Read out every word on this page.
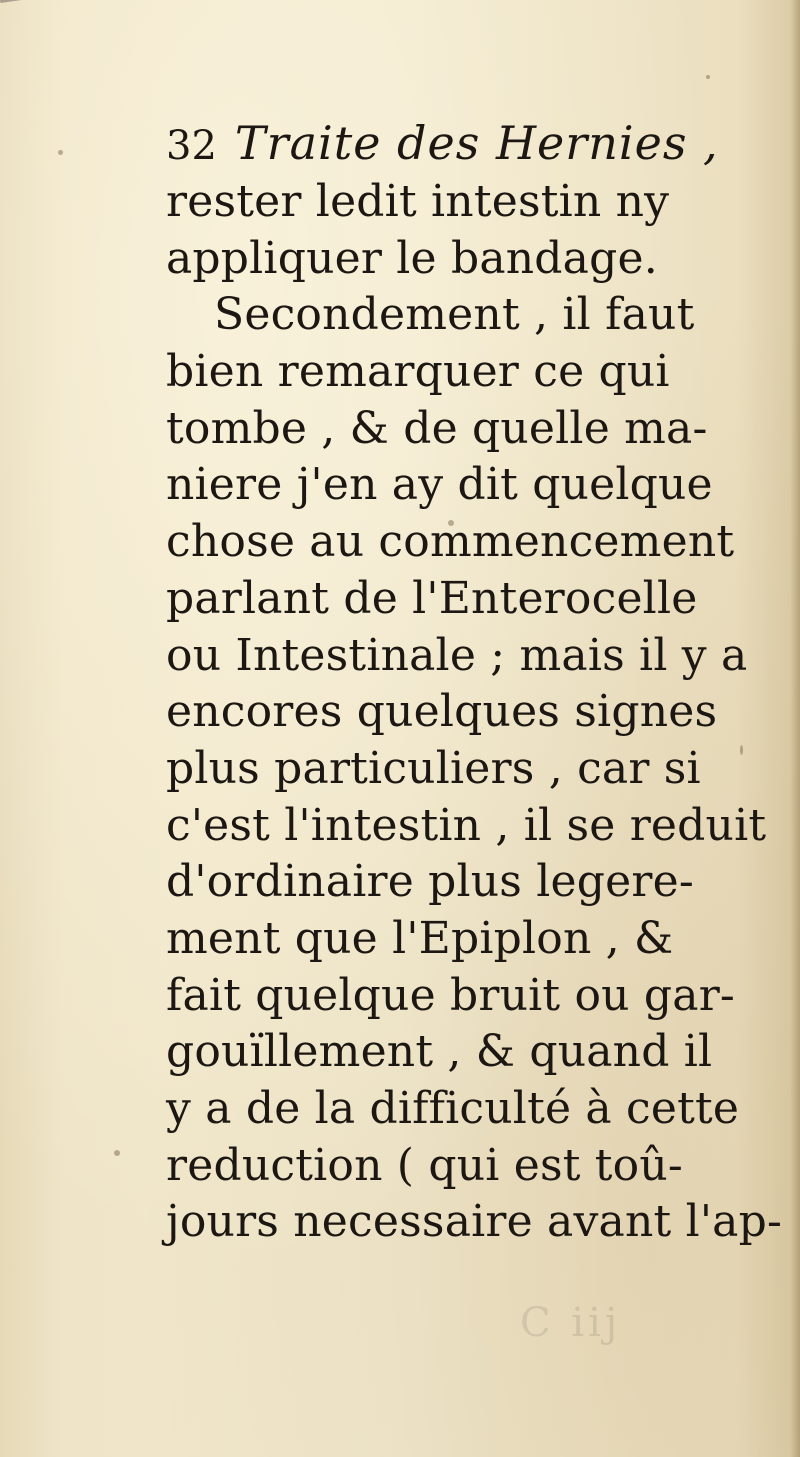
C iij
32 Traite des Hernies ,
rester ledit intestin ny
appliquer le bandage.
Secondement , il faut
bien remarquer ce qui
tombe , & de quelle ma-
niere j'en ay dit quelque
chose au commencement
parlant de l'Enterocelle
ou Intestinale ; mais il y a
encores quelques signes
plus particuliers , car si
c'est l'intestin , il se reduit
d'ordinaire plus legere-
ment que l'Epiplon , &
fait quelque bruit ou gar-
gouïllement , & quand il
y a de la difficulté à cette
reduction ( qui est toû-
jours necessaire avant l'ap-
